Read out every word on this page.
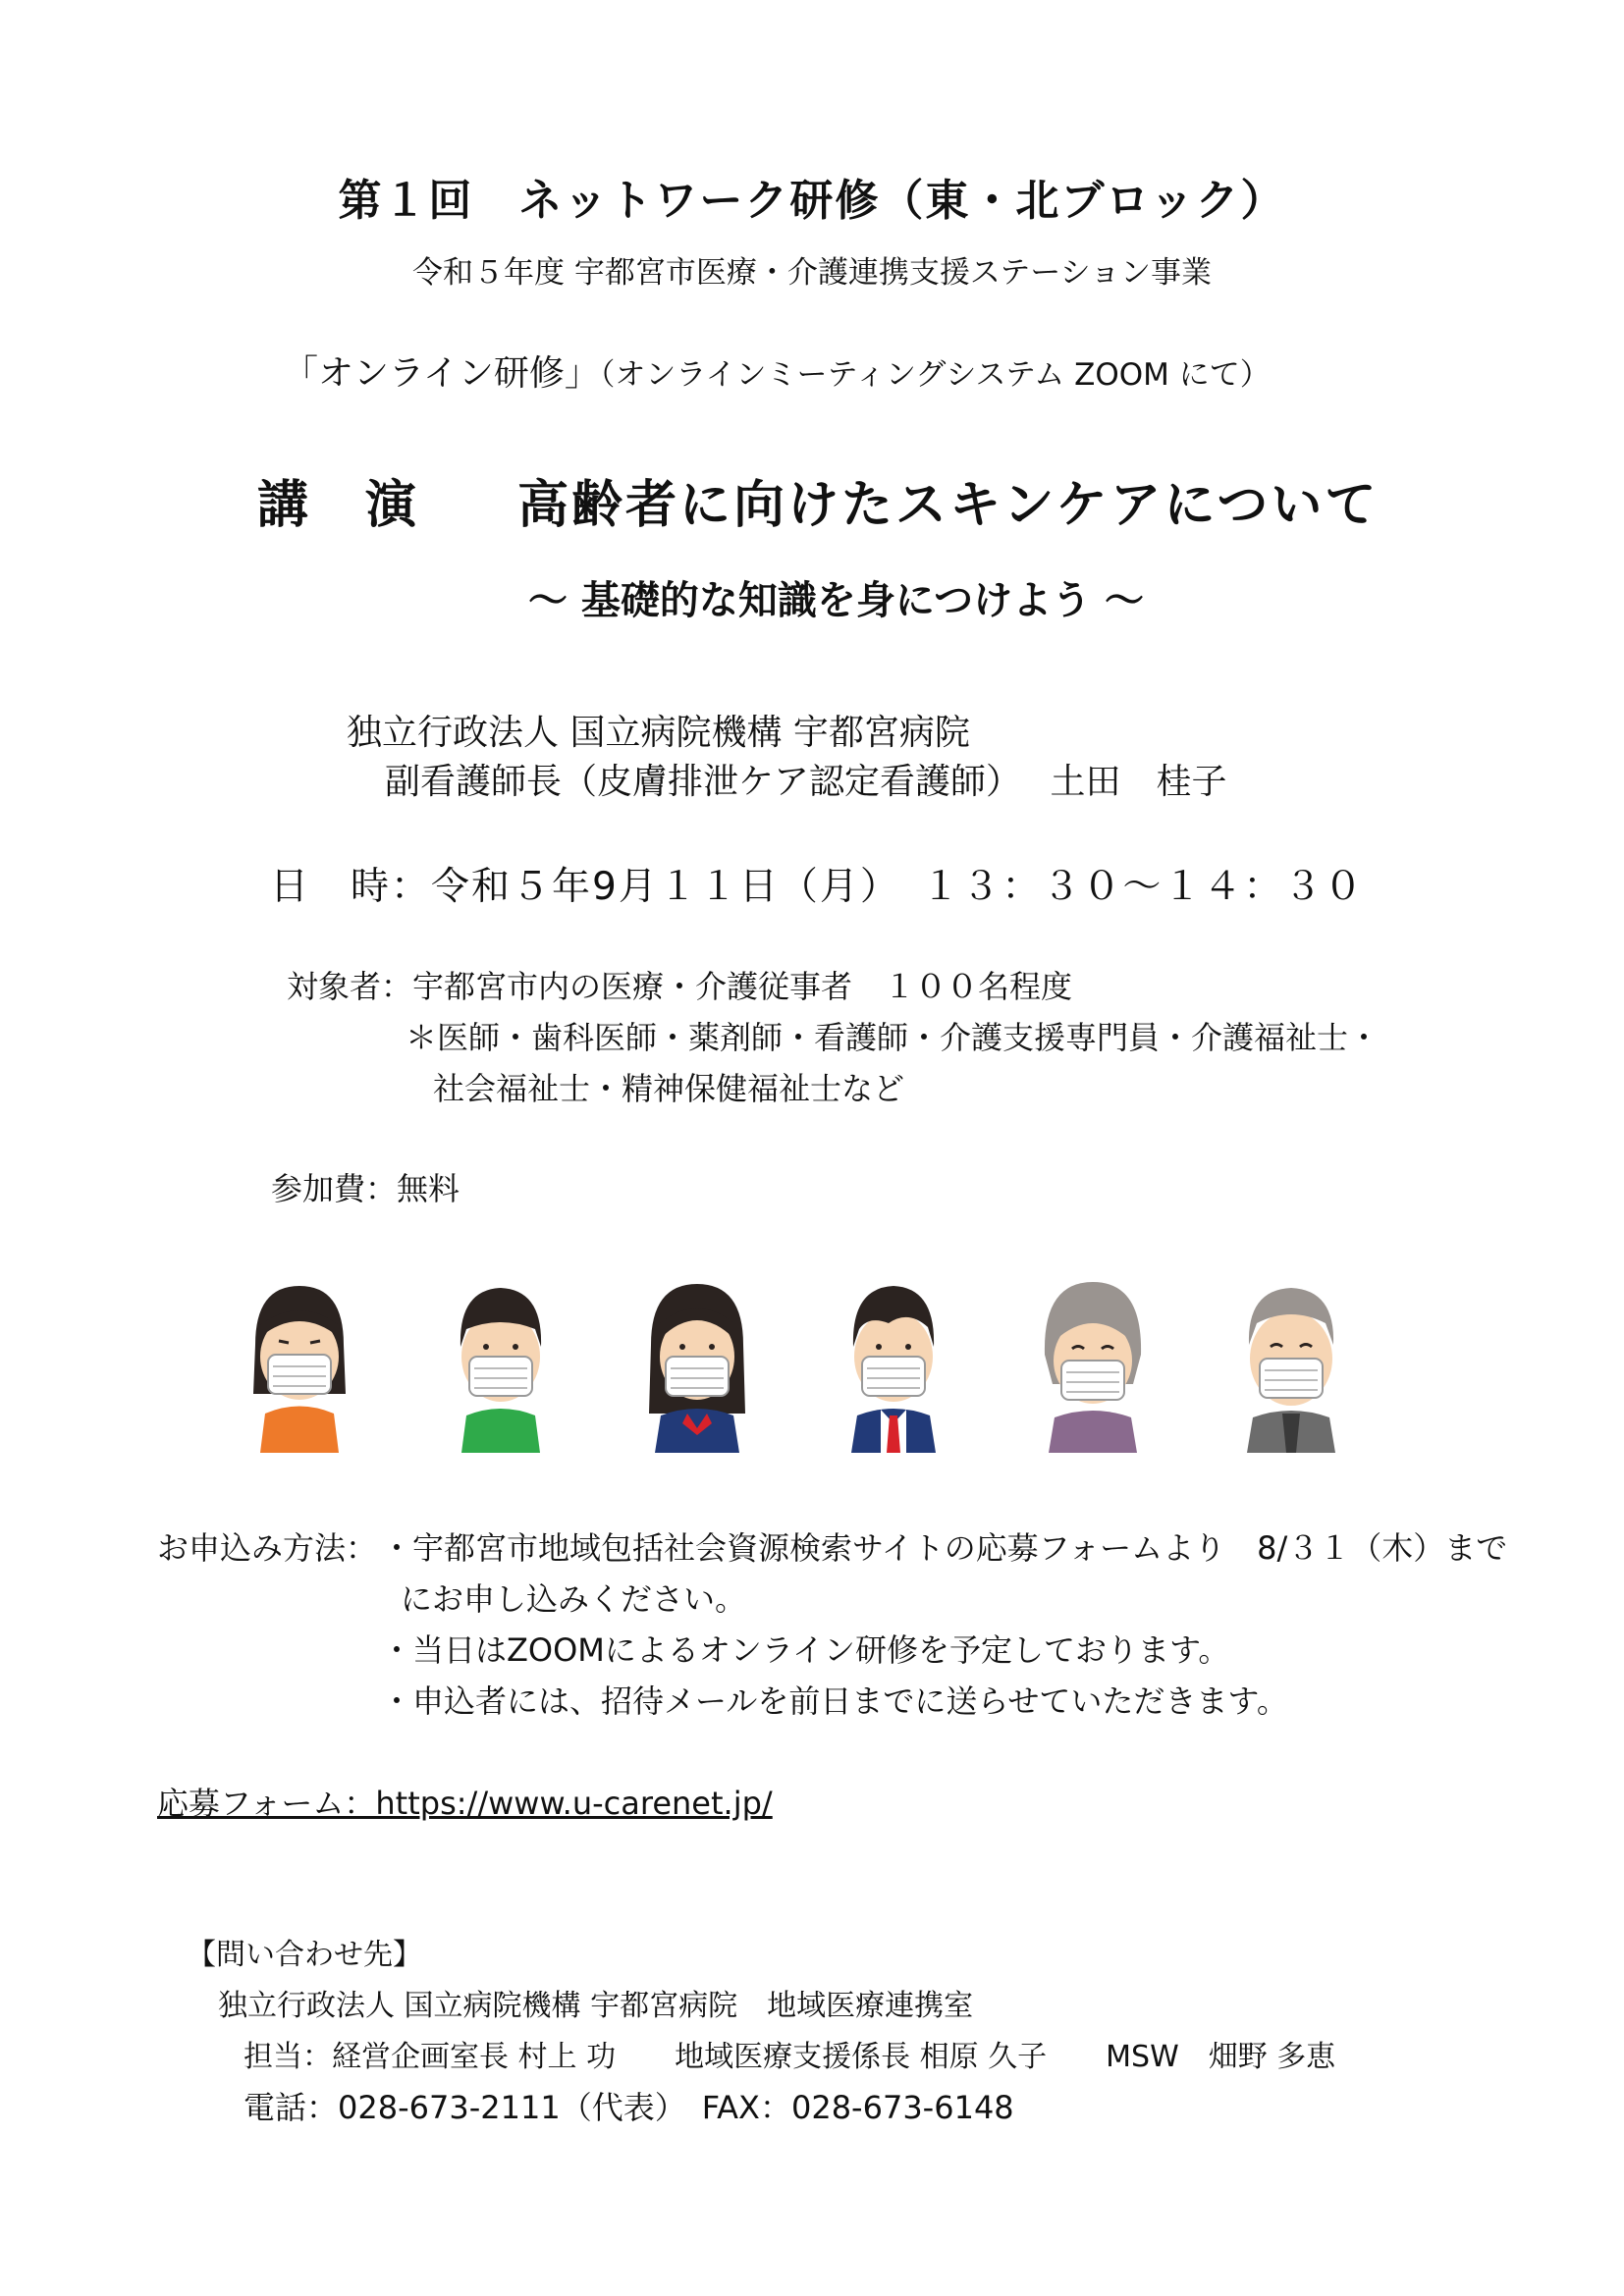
第１回　ネットワーク研修（東・北ブロック）
令和５年度 宇都宮市医療・介護連携支援ステーション事業
「オンライン研修」（オンラインミーティングシステム ZOOM にて）
講　演 高齢者に向けたスキンケアについて
～ 基礎的な知識を身につけよう ～
独立行政法人 国立病院機構 宇都宮病院
副看護師長（皮膚排泄ケア認定看護師）　 土田　桂子
日　時：令和５年9月１１日（月）　１３：３０～１４：３０
対象者：宇都宮市内の医療・介護従事者　１００名程度
＊医師・歯科医師・薬剤師・看護師・介護支援専門員・介護福祉士・
社会福祉士・精神保健福祉士など
参加費：無料
お申込み方法： ・宇都宮市地域包括社会資源検索サイトの応募フォームより　8/３１（木）まで
にお申し込みください。
・当日はZOOMによるオンライン研修を予定しております。
・申込者には、招待メールを前日までに送らせていただきます。
応募フォーム：https://www.u-carenet.jp/
【問い合わせ先】
独立行政法人 国立病院機構 宇都宮病院　地域医療連携室
担当：経営企画室長 村上 功　　地域医療支援係長 相原 久子　　MSW　畑野 多恵
電話：028-673-2111（代表）　FAX：028-673-6148
